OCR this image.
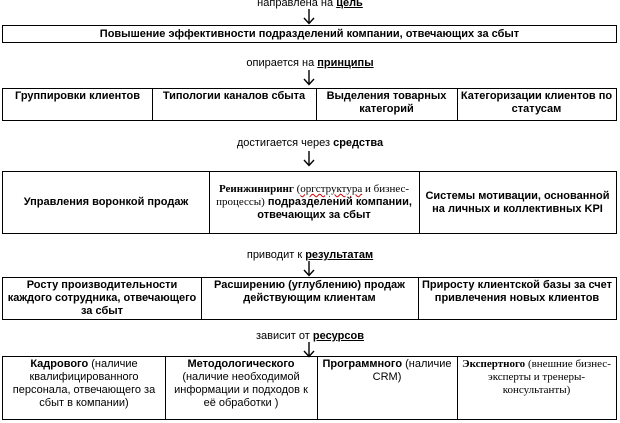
направлена на цель
Повышение эффективности подразделений компании, отвечающих за сбыт
опирается на принципы
Группировки клиентов	Типологии каналов сбыта	Выделения товарных категорий
Категоризации клиентов по статусам
достигается через средства
Управления воронкой продаж
Реинжиниринг (оргструктура и бизнес-процессы) подразделений компании, отвечающих за сбыт
Системы мотивации, основанной на личных и коллективных KPI
приводит к результатам
Росту производительности каждого сотрудника, отвечающего за сбыт
Расширению (углублению) продаж действующим клиентам
Приросту клиентской базы за счет привлечения новых клиентов
зависит от ресурсов
Кадрового (наличие квалифицированного персонала, отвечающего за сбыт в компании)
Методологического
(наличие необходимой информации и подходов к её обработки )
Программного (наличие CRM)
Экспертного (внешние бизнес-эксперты и тренеры-консультанты)
